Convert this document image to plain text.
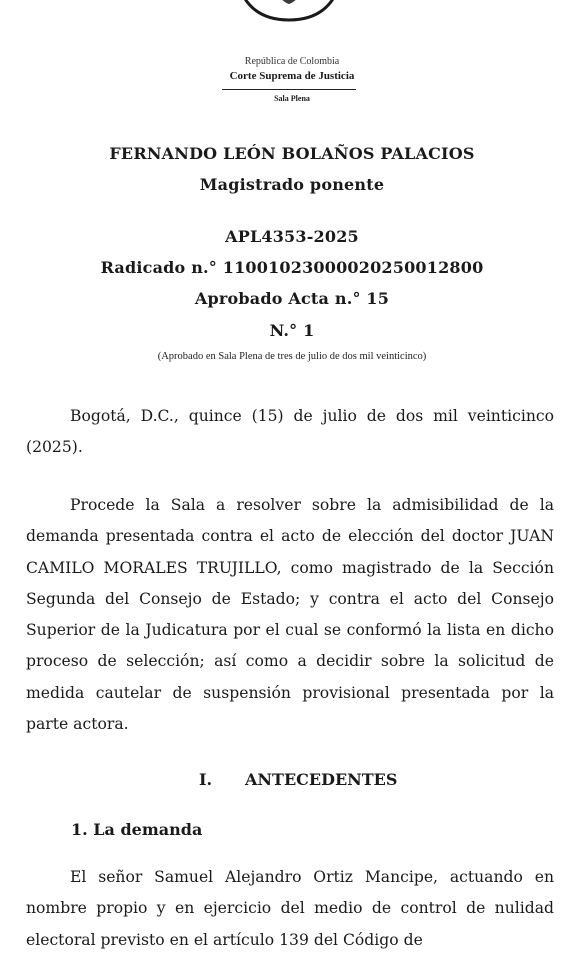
República de Colombia
Corte Suprema de Justicia
Sala Plena
FERNANDO LEÓN BOLAÑOS PALACIOS
Magistrado ponente
APL4353-2025
Radicado n.° 11001023000020250012800
Aprobado Acta n.° 15
N.° 1
(Aprobado en Sala Plena de tres de julio de dos mil veinticinco)
Bogotá, D.C., quince (15) de julio de dos mil veinticinco (2025).
Procede la Sala a resolver sobre la admisibilidad de la demanda presentada contra el acto de elección del doctor JUAN CAMILO MORALES TRUJILLO, como magistrado de la Sección Segunda del Consejo de Estado; y contra el acto del Consejo Superior de la Judicatura por el cual se conformó la lista en dicho proceso de selección; así como a decidir sobre la solicitud de medida cautelar de suspensión provisional presentada por la parte actora.
I. ANTECEDENTES
1. La demanda
El señor Samuel Alejandro Ortiz Mancipe, actuando en nombre propio y en ejercicio del medio de control de nulidad electoral previsto en el artículo 139 del Código de
